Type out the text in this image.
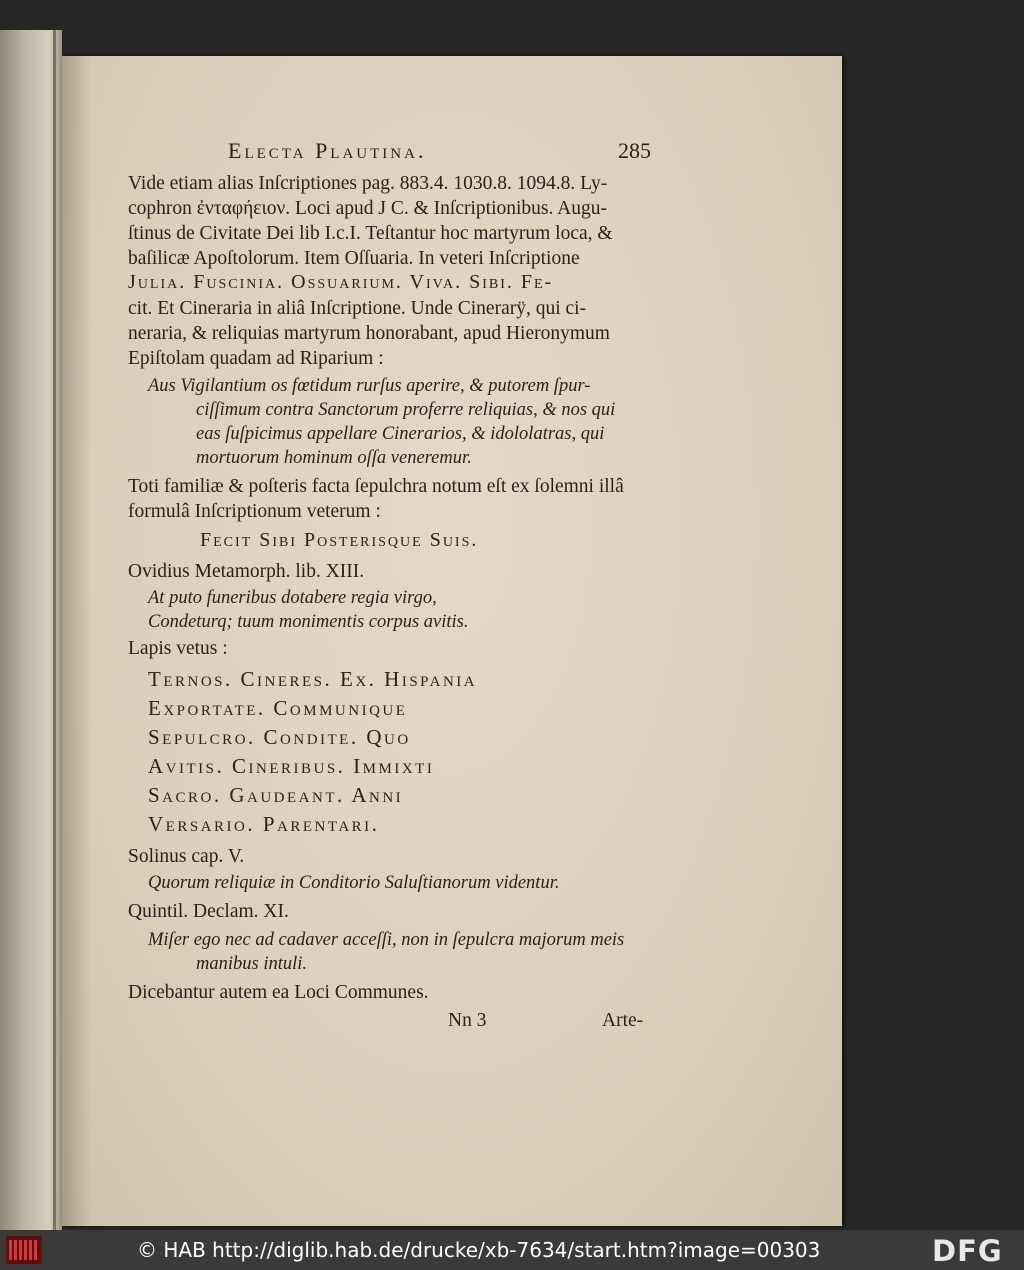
Electa Plautina.	285
Vide etiam alias Inſcriptiones pag. 883.4. 1030.8. 1094.8. Ly-
cophron ἐνταφήειον. Loci apud J C. & Inſcriptionibus. Augu-
ſtinus de Civitate Dei lib I.c.I. Teſtantur hoc martyrum loca, &
baſilicæ Apoſtolorum. Item Oſſuaria. In veteri Inſcriptione
Julia. Fuscinia. Ossuarium. Viva. Sibi. Fe-
cit. Et Cineraria in aliâ Inſcriptione. Unde Cinerarÿ, qui ci-
neraria, & reliquias martyrum honorabant, apud Hieronymum
Epiſtolam quadam ad Riparium :
Aus Vigilantium os fœtidum rurſus aperire, & putorem ſpur-
ciſſimum contra Sanctorum proferre reliquias, & nos qui
eas ſuſpicimus appellare Cinerarios, & idololatras, qui
mortuorum hominum oſſa veneremur.
Toti familiæ & poſteris facta ſepulchra notum eſt ex ſolemni illâ
formulâ Inſcriptionum veterum :
Fecit Sibi Posterisque Suis.
Ovidius Metamorph. lib. XIII.
At puto funeribus dotabere regia virgo,
Condeturq; tuum monimentis corpus avitis.
Lapis vetus :
Ternos. Cineres. Ex. Hispania
Exportate. Communique
Sepulcro. Condite. Quo
Avitis. Cineribus. Immixti
Sacro. Gaudeant. Anni
Versario. Parentari.
Solinus cap. V.
Quorum reliquiæ in Conditorio Saluſtianorum videntur.
Quintil. Declam. XI.
Miſer ego nec ad cadaver acceſſi, non in ſepulcra majorum meis
manibus intuli.
Dicebantur autem ea Loci Communes.
Nn 3	Arte-
© HAB http://diglib.hab.de/drucke/xb-7634/start.htm?image=00303	DFG
